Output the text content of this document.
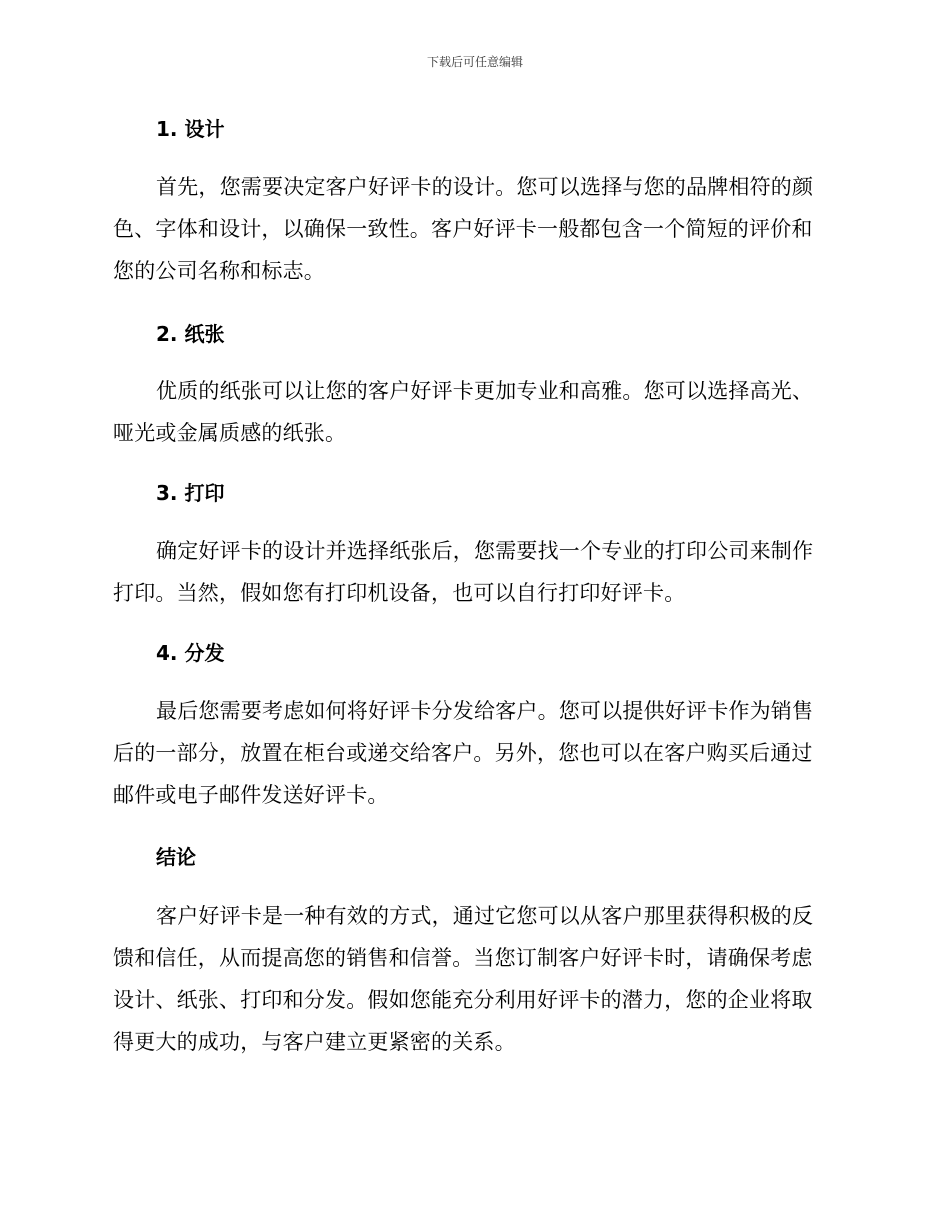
下载后可任意编辑
1. 设计
首先，您需要决定客户好评卡的设计。您可以选择与您的品牌相符的颜色、字体和设计，以确保一致性。客户好评卡一般都包含一个简短的评价和您的公司名称和标志。
2. 纸张
优质的纸张可以让您的客户好评卡更加专业和高雅。您可以选择高光、哑光或金属质感的纸张。
3. 打印
确定好评卡的设计并选择纸张后，您需要找一个专业的打印公司来制作打印。当然，假如您有打印机设备，也可以自行打印好评卡。
4. 分发
最后您需要考虑如何将好评卡分发给客户。您可以提供好评卡作为销售后的一部分，放置在柜台或递交给客户。另外，您也可以在客户购买后通过邮件或电子邮件发送好评卡。
结论
客户好评卡是一种有效的方式，通过它您可以从客户那里获得积极的反馈和信任，从而提高您的销售和信誉。当您订制客户好评卡时，请确保考虑设计、纸张、打印和分发。假如您能充分利用好评卡的潜力，您的企业将取得更大的成功，与客户建立更紧密的关系。
